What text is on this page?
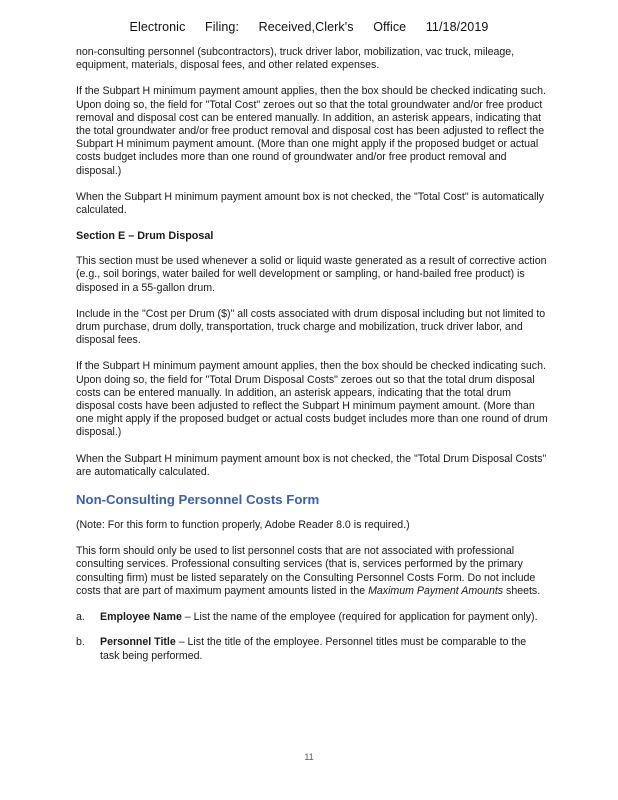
Electronic Filing: Received,Clerk's Office 11/18/2019

non-consulting personnel (subcontractors), truck driver labor, mobilization, vac truck, mileage, equipment, materials, disposal fees, and other related expenses.

If the Subpart H minimum payment amount applies, then the box should be checked indicating such. Upon doing so, the field for "Total Cost" zeroes out so that the total groundwater and/or free product removal and disposal cost can be entered manually. In addition, an asterisk appears, indicating that the total groundwater and/or free product removal and disposal cost has been adjusted to reflect the Subpart H minimum payment amount. (More than one might apply if the proposed budget or actual costs budget includes more than one round of groundwater and/or free product removal and disposal.)

When the Subpart H minimum payment amount box is not checked, the "Total Cost" is automatically calculated.

Section E – Drum Disposal

This section must be used whenever a solid or liquid waste generated as a result of corrective action (e.g., soil borings, water bailed for well development or sampling, or hand-bailed free product) is disposed in a 55-gallon drum.

Include in the "Cost per Drum ($)" all costs associated with drum disposal including but not limited to drum purchase, drum dolly, transportation, truck charge and mobilization, truck driver labor, and disposal fees.

If the Subpart H minimum payment amount applies, then the box should be checked indicating such. Upon doing so, the field for "Total Drum Disposal Costs" zeroes out so that the total drum disposal costs can be entered manually. In addition, an asterisk appears, indicating that the total drum disposal costs have been adjusted to reflect the Subpart H minimum payment amount. (More than one might apply if the proposed budget or actual costs budget includes more than one round of drum disposal.)

When the Subpart H minimum payment amount box is not checked, the "Total Drum Disposal Costs" are automatically calculated.

Non-Consulting Personnel Costs Form

(Note: For this form to function properly, Adobe Reader 8.0 is required.)

This form should only be used to list personnel costs that are not associated with professional consulting services. Professional consulting services (that is, services performed by the primary consulting firm) must be listed separately on the Consulting Personnel Costs Form. Do not include costs that are part of maximum payment amounts listed in the Maximum Payment Amounts sheets.

a.	Employee Name – List the name of the employee (required for application for payment only).
b.	Personnel Title – List the title of the employee. Personnel titles must be comparable to the task being performed.
11
